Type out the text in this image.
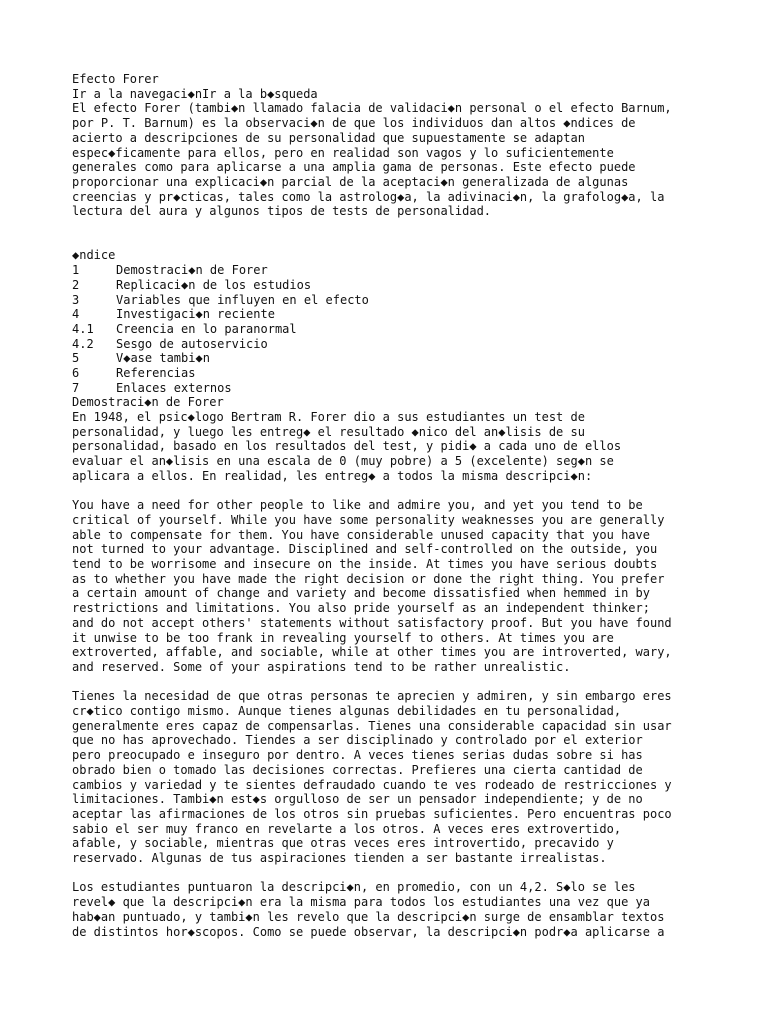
Efecto Forer
Ir a la navegaci◆nIr a la b◆squeda
El efecto Forer (tambi◆n llamado falacia de validaci◆n personal o el efecto Barnum,
por P. T. Barnum) es la observaci◆n de que los individuos dan altos ◆ndices de
acierto a descripciones de su personalidad que supuestamente se adaptan
espec◆ficamente para ellos, pero en realidad son vagos y lo suficientemente
generales como para aplicarse a una amplia gama de personas. Este efecto puede
proporcionar una explicaci◆n parcial de la aceptaci◆n generalizada de algunas
creencias y pr◆cticas, tales como la astrolog◆a, la adivinaci◆n, la grafolog◆a, la
lectura del aura y algunos tipos de tests de personalidad.
◆ndice
1	Demostraci◆n de Forer
2	Replicaci◆n de los estudios
3	Variables que influyen en el efecto
4	Investigaci◆n reciente
4.1	Creencia en lo paranormal
4.2	Sesgo de autoservicio
5	V◆ase tambi◆n
6	Referencias
7	Enlaces externos
Demostraci◆n de Forer
En 1948, el psic◆logo Bertram R. Forer dio a sus estudiantes un test de
personalidad, y luego les entreg◆ el resultado ◆nico del an◆lisis de su
personalidad, basado en los resultados del test, y pidi◆ a cada uno de ellos
evaluar el an◆lisis en una escala de 0 (muy pobre) a 5 (excelente) seg◆n se
aplicara a ellos. En realidad, les entreg◆ a todos la misma descripci◆n:
You have a need for other people to like and admire you, and yet you tend to be
critical of yourself. While you have some personality weaknesses you are generally
able to compensate for them. You have considerable unused capacity that you have
not turned to your advantage. Disciplined and self-controlled on the outside, you
tend to be worrisome and insecure on the inside. At times you have serious doubts
as to whether you have made the right decision or done the right thing. You prefer
a certain amount of change and variety and become dissatisfied when hemmed in by
restrictions and limitations. You also pride yourself as an independent thinker;
and do not accept others' statements without satisfactory proof. But you have found
it unwise to be too frank in revealing yourself to others. At times you are
extroverted, affable, and sociable, while at other times you are introverted, wary,
and reserved. Some of your aspirations tend to be rather unrealistic.
Tienes la necesidad de que otras personas te aprecien y admiren, y sin embargo eres
cr◆tico contigo mismo. Aunque tienes algunas debilidades en tu personalidad,
generalmente eres capaz de compensarlas. Tienes una considerable capacidad sin usar
que no has aprovechado. Tiendes a ser disciplinado y controlado por el exterior
pero preocupado e inseguro por dentro. A veces tienes serias dudas sobre si has
obrado bien o tomado las decisiones correctas. Prefieres una cierta cantidad de
cambios y variedad y te sientes defraudado cuando te ves rodeado de restricciones y
limitaciones. Tambi◆n est◆s orgulloso de ser un pensador independiente; y de no
aceptar las afirmaciones de los otros sin pruebas suficientes. Pero encuentras poco
sabio el ser muy franco en revelarte a los otros. A veces eres extrovertido,
afable, y sociable, mientras que otras veces eres introvertido, precavido y
reservado. Algunas de tus aspiraciones tienden a ser bastante irrealistas.
Los estudiantes puntuaron la descripci◆n, en promedio, con un 4,2. S◆lo se les
revel◆ que la descripci◆n era la misma para todos los estudiantes una vez que ya
hab◆an puntuado, y tambi◆n les revelo que la descripci◆n surge de ensamblar textos
de distintos hor◆scopos. Como se puede observar, la descripci◆n podr◆a aplicarse a
